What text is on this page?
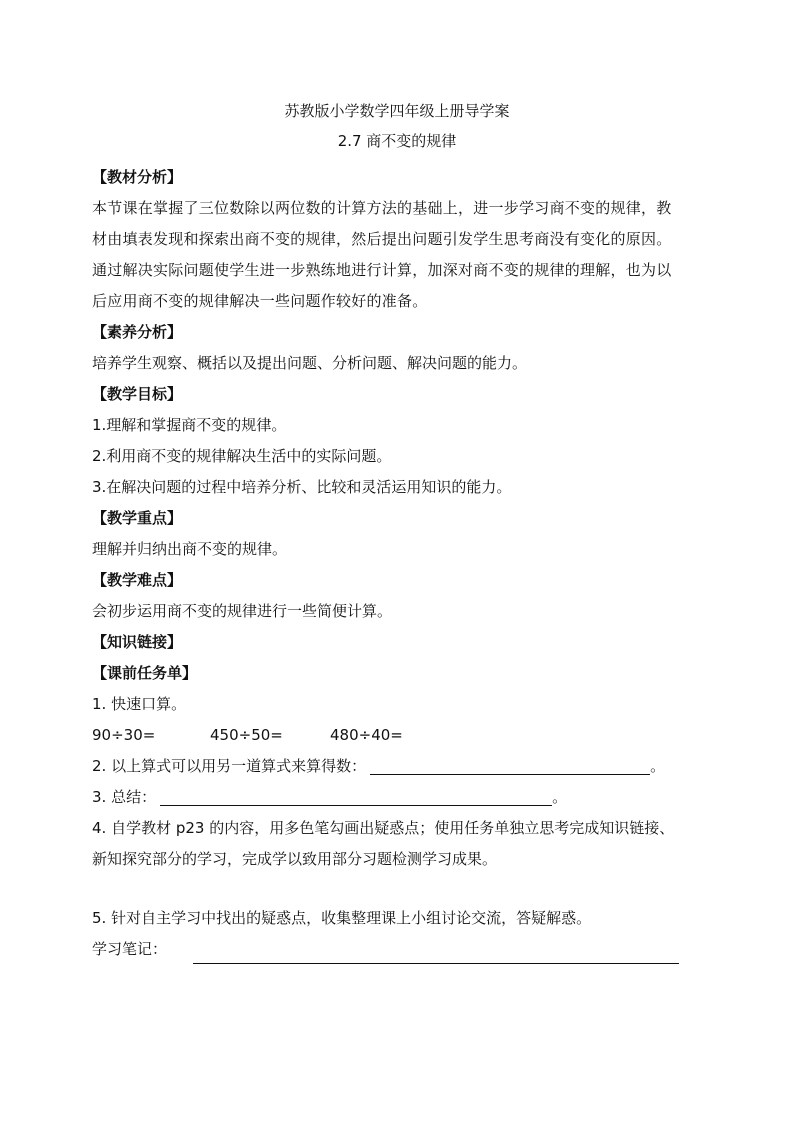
苏教版小学数学四年级上册导学案
2.7 商不变的规律
【教材分析】
本节课在掌握了三位数除以两位数的计算方法的基础上，进一步学习商不变的规律，教
材由填表发现和探索出商不变的规律，然后提出问题引发学生思考商没有变化的原因。
通过解决实际问题使学生进一步熟练地进行计算，加深对商不变的规律的理解，也为以
后应用商不变的规律解决一些问题作较好的准备。
【素养分析】
培养学生观察、概括以及提出问题、分析问题、解决问题的能力。
【教学目标】
1.理解和掌握商不变的规律。
2.利用商不变的规律解决生活中的实际问题。
3.在解决问题的过程中培养分析、比较和灵活运用知识的能力。
【教学重点】
理解并归纳出商不变的规律。
【教学难点】
会初步运用商不变的规律进行一些简便计算。
【知识链接】
【课前任务单】
1. 快速口算。
90÷30=	450÷50=	480÷40=
2. 以上算式可以用另一道算式来算得数：	。
3. 总结：	。
4. 自学教材 p23 的内容，用多色笔勾画出疑惑点；使用任务单独立思考完成知识链接、
新知探究部分的学习，完成学以致用部分习题检测学习成果。
5. 针对自主学习中找出的疑惑点，收集整理课上小组讨论交流，答疑解惑。
学习笔记：
